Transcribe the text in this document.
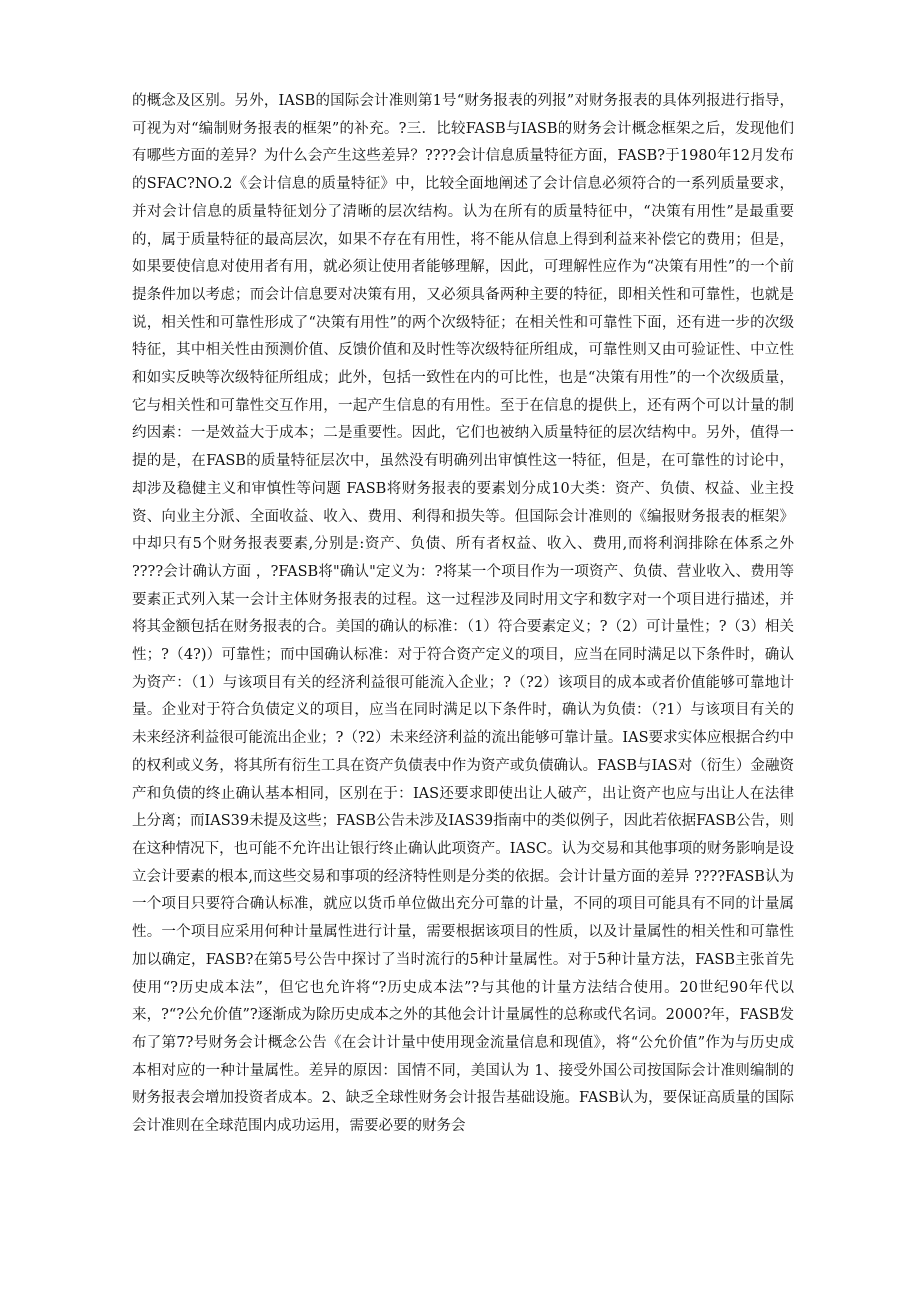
的概念及区别。另外，IASB的国际会计准则第1号“财务报表的列报”对财务报表的具体列报进行指导，可视为对“编制财务报表的框架”的补充。?三．比较FASB与IASB的财务会计概念框架之后，发现他们有哪些方面的差异？为什么会产生这些差异？????会计信息质量特征方面，FASB?于1980年12月发布的SFAC?NO.2《会计信息的质量特征》中，比较全面地阐述了会计信息必须符合的一系列质量要求，并对会计信息的质量特征划分了清晰的层次结构。认为在所有的质量特征中，“决策有用性”是最重要的，属于质量特征的最高层次，如果不存在有用性，将不能从信息上得到利益来补偿它的费用；但是，如果要使信息对使用者有用，就必须让使用者能够理解，因此，可理解性应作为“决策有用性”的一个前提条件加以考虑；而会计信息要对决策有用，又必须具备两种主要的特征，即相关性和可靠性，也就是说，相关性和可靠性形成了“决策有用性”的两个次级特征；在相关性和可靠性下面，还有进一步的次级特征，其中相关性由预测价值、反馈价值和及时性等次级特征所组成，可靠性则又由可验证性、中立性和如实反映等次级特征所组成；此外，包括一致性在内的可比性，也是“决策有用性”的一个次级质量，它与相关性和可靠性交互作用，一起产生信息的有用性。至于在信息的提供上，还有两个可以计量的制约因素：一是效益大于成本；二是重要性。因此，它们也被纳入质量特征的层次结构中。另外，值得一提的是，在FASB的质量特征层次中，虽然没有明确列出审慎性这一特征，但是，在可靠性的讨论中，却涉及稳健主义和审慎性等问题 FASB将财务报表的要素划分成10大类：资产、负债、权益、业主投资、向业主分派、全面收益、收入、费用、利得和损失等。但国际会计准则的《编报财务报表的框架》中却只有5个财务报表要素,分别是:资产、负债、所有者权益、收入、费用,而将利润排除在体系之外 ????会计确认方面 ，?FASB将"确认"定义为：?将某一个项目作为一项资产、负债、营业收入、费用等要素正式列入某一会计主体财务报表的过程。这一过程涉及同时用文字和数字对一个项目进行描述，并将其金额包括在财务报表的合。美国的确认的标准：（1）符合要素定义；?（2）可计量性；?（3）相关性；?（4?)）可靠性；而中国确认标准：对于符合资产定义的项目，应当在同时满足以下条件时，确认为资产：（1）与该项目有关的经济利益很可能流入企业；?（?2）该项目的成本或者价值能够可靠地计量。企业对于符合负债定义的项目，应当在同时满足以下条件时，确认为负债：（?1）与该项目有关的未来经济利益很可能流出企业；?（?2）未来经济利益的流出能够可靠计量。IAS要求实体应根据合约中的权利或义务，将其所有衍生工具在资产负债表中作为资产或负债确认。FASB与IAS对（衍生）金融资产和负债的终止确认基本相同，区别在于：IAS还要求即使出让人破产，出让资产也应与出让人在法律上分离；而IAS39未提及这些；FASB公告未涉及IAS39指南中的类似例子，因此若依据FASB公告，则在这种情况下，也可能不允许出让银行终止确认此项资产。IASC。认为交易和其他事项的财务影响是设立会计要素的根本,而这些交易和事项的经济特性则是分类的依据。会计计量方面的差异 ????FASB认为一个项目只要符合确认标准，就应以货币单位做出充分可靠的计量，不同的项目可能具有不同的计量属性。一个项目应采用何种计量属性进行计量，需要根据该项目的性质，以及计量属性的相关性和可靠性加以确定，FASB?在第5号公告中探讨了当时流行的5种计量属性。对于5种计量方法，FASB主张首先使用“?历史成本法”，但它也允许将“?历史成本法”?与其他的计量方法结合使用。20世纪90年代以来，?“?公允价值”?逐渐成为除历史成本之外的其他会计计量属性的总称或代名词。2000?年，FASB发布了第7?号财务会计概念公告《在会计计量中使用现金流量信息和现值》，将“公允价值”作为与历史成本相对应的一种计量属性。差异的原因：国情不同，美国认为 1、接受外国公司按国际会计准则编制的财务报表会增加投资者成本。2、缺乏全球性财务会计报告基础设施。FASB认为，要保证高质量的国际会计准则在全球范围内成功运用，需要必要的财务会
